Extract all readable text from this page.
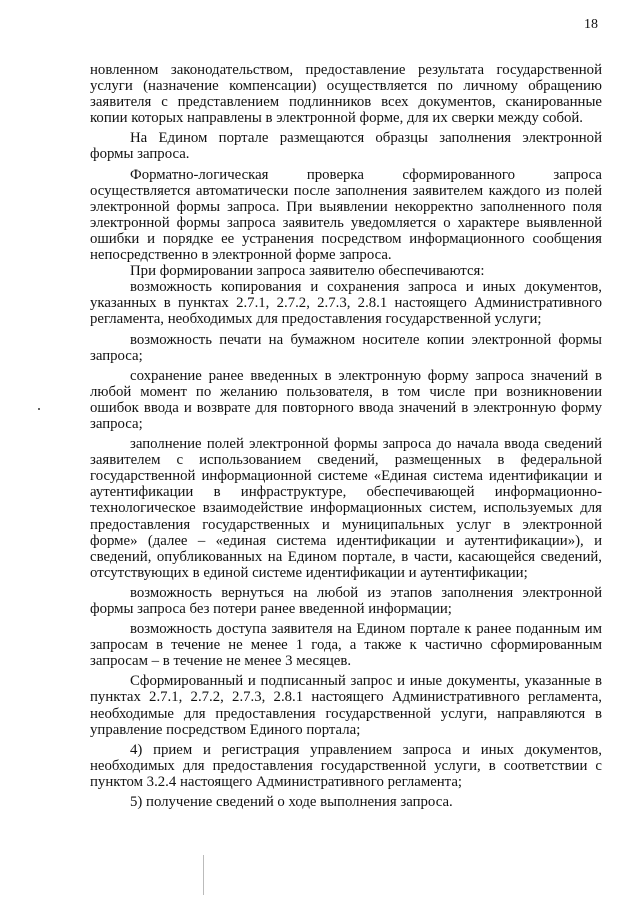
18

новленном законодательством, предоставление результата государственной услуги (назначение компенсации) осуществляется по личному обращению заявителя с представлением подлинников всех документов, сканированные копии которых направлены в электронной форме, для их сверки между собой.

На Едином портале размещаются образцы заполнения электронной формы запроса.

Форматно-логическая проверка сформированного запроса осуществляется автоматически после заполнения заявителем каждого из полей электронной формы запроса. При выявлении некорректно заполненного поля электронной формы запроса заявитель уведомляется о характере выявленной ошибки и порядке ее устранения посредством информационного сообщения непосредственно в электронной форме запроса.

При формировании запроса заявителю обеспечиваются:

возможность копирования и сохранения запроса и иных документов, указанных в пунктах 2.7.1, 2.7.2, 2.7.3, 2.8.1 настоящего Административного регламента, необходимых для предоставления государственной услуги;

возможность печати на бумажном носителе копии электронной формы запроса;

сохранение ранее введенных в электронную форму запроса значений в любой момент по желанию пользователя, в том числе при возникновении ошибок ввода и возврате для повторного ввода значений в электронную форму запроса;

заполнение полей электронной формы запроса до начала ввода сведений заявителем с использованием сведений, размещенных в федеральной государственной информационной системе «Единая система идентификации и аутентификации в инфраструктуре, обеспечивающей информационно-технологическое взаимодействие информационных систем, используемых для предоставления государственных и муниципальных услуг в электронной форме» (далее – «единая система идентификации и аутентификации»), и сведений, опубликованных на Едином портале, в части, касающейся сведений, отсутствующих в единой системе идентификации и аутентификации;

возможность вернуться на любой из этапов заполнения электронной формы запроса без потери ранее введенной информации;

возможность доступа заявителя на Едином портале к ранее поданным им запросам в течение не менее 1 года, а также к частично сформированным запросам – в течение не менее 3 месяцев.

Сформированный и подписанный запрос и иные документы, указанные в пунктах 2.7.1, 2.7.2, 2.7.3, 2.8.1 настоящего Административного регламента, необходимые для предоставления государственной услуги, направляются в управление посредством Единого портала;

4) прием и регистрация управлением запроса и иных документов, необходимых для предоставления государственной услуги, в соответствии с пунктом 3.2.4 настоящего Административного регламента;

5) получение сведений о ходе выполнения запроса.
